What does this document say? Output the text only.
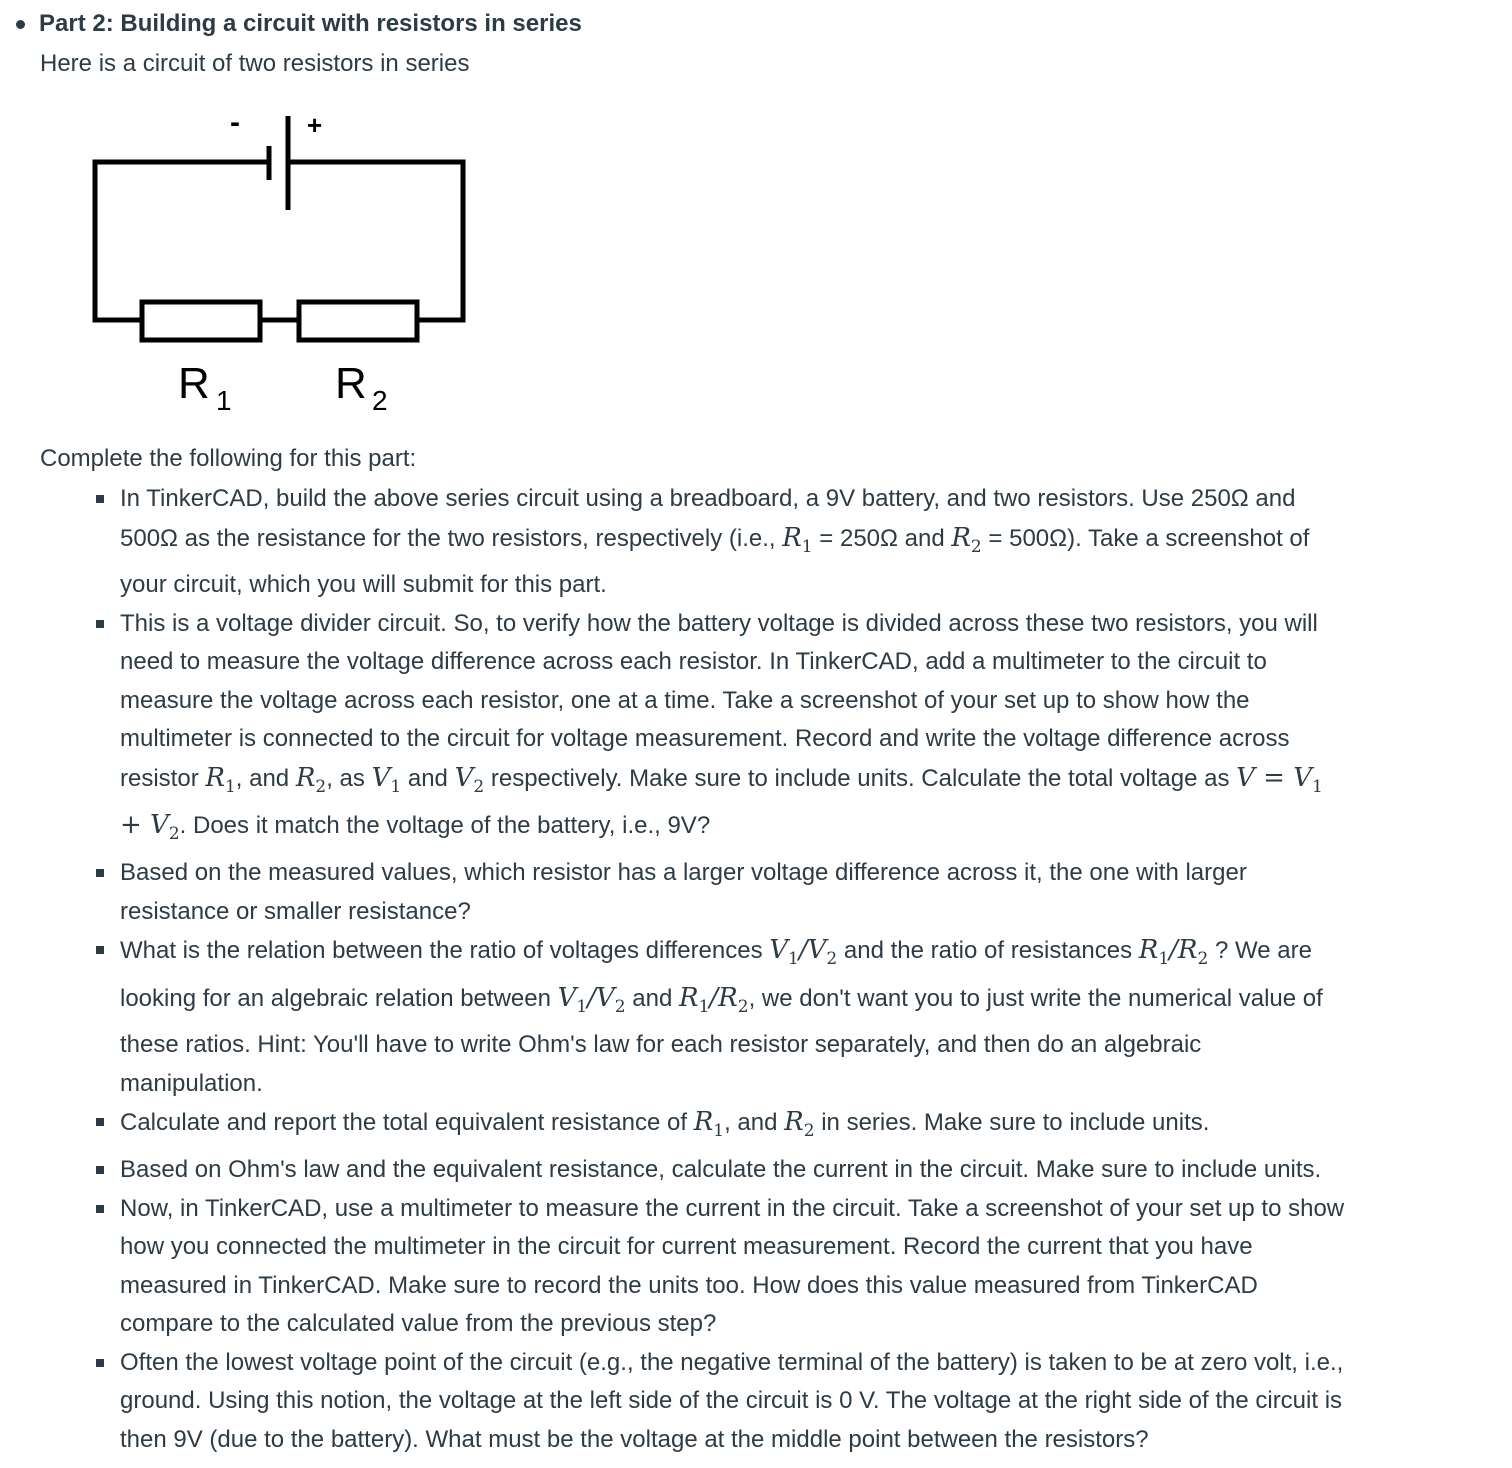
Part 2: Building a circuit with resistors in series
Here is a circuit of two resistors in series
-	+
R 1 R 2
Complete the following for this part:
In TinkerCAD, build the above series circuit using a breadboard, a 9V battery, and two resistors. Use 250Ω and 500Ω as the resistance for the two resistors, respectively (i.e., $R_1 = 250\Omega$ and $R_2 = 500\Omega$). Take a screenshot of your circuit, which you will submit for this part.
This is a voltage divider circuit. So, to verify how the battery voltage is divided across these two resistors, you will need to measure the voltage difference across each resistor. In TinkerCAD, add a multimeter to the circuit to measure the voltage across each resistor, one at a time. Take a screenshot of your set up to show how the multimeter is connected to the circuit for voltage measurement. Record and write the voltage difference across resistor $R_1$, and $R_2$, as $V_1$ and $V_2$ respectively. Make sure to include units. Calculate the total voltage as $V = V_1 + V_2$. Does it match the voltage of the battery, i.e., 9V?
Based on the measured values, which resistor has a larger voltage difference across it, the one with larger resistance or smaller resistance?
What is the relation between the ratio of voltages differences $V_1/V_2$ and the ratio of resistances $R_1/R_2$ ? We are looking for an algebraic relation between $V_1/V_2$ and $R_1/R_2$, we don't want you to just write the numerical value of these ratios. Hint: You'll have to write Ohm's law for each resistor separately, and then do an algebraic manipulation.
Calculate and report the total equivalent resistance of $R_1$, and $R_2$ in series. Make sure to include units.
Based on Ohm's law and the equivalent resistance, calculate the current in the circuit. Make sure to include units.
Now, in TinkerCAD, use a multimeter to measure the current in the circuit. Take a screenshot of your set up to show how you connected the multimeter in the circuit for current measurement. Record the current that you have measured in TinkerCAD. Make sure to record the units too. How does this value measured from TinkerCAD compare to the calculated value from the previous step?
Often the lowest voltage point of the circuit (e.g., the negative terminal of the battery) is taken to be at zero volt, i.e., ground. Using this notion, the voltage at the left side of the circuit is 0 V. The voltage at the right side of the circuit is then 9V (due to the battery). What must be the voltage at the middle point between the resistors?
